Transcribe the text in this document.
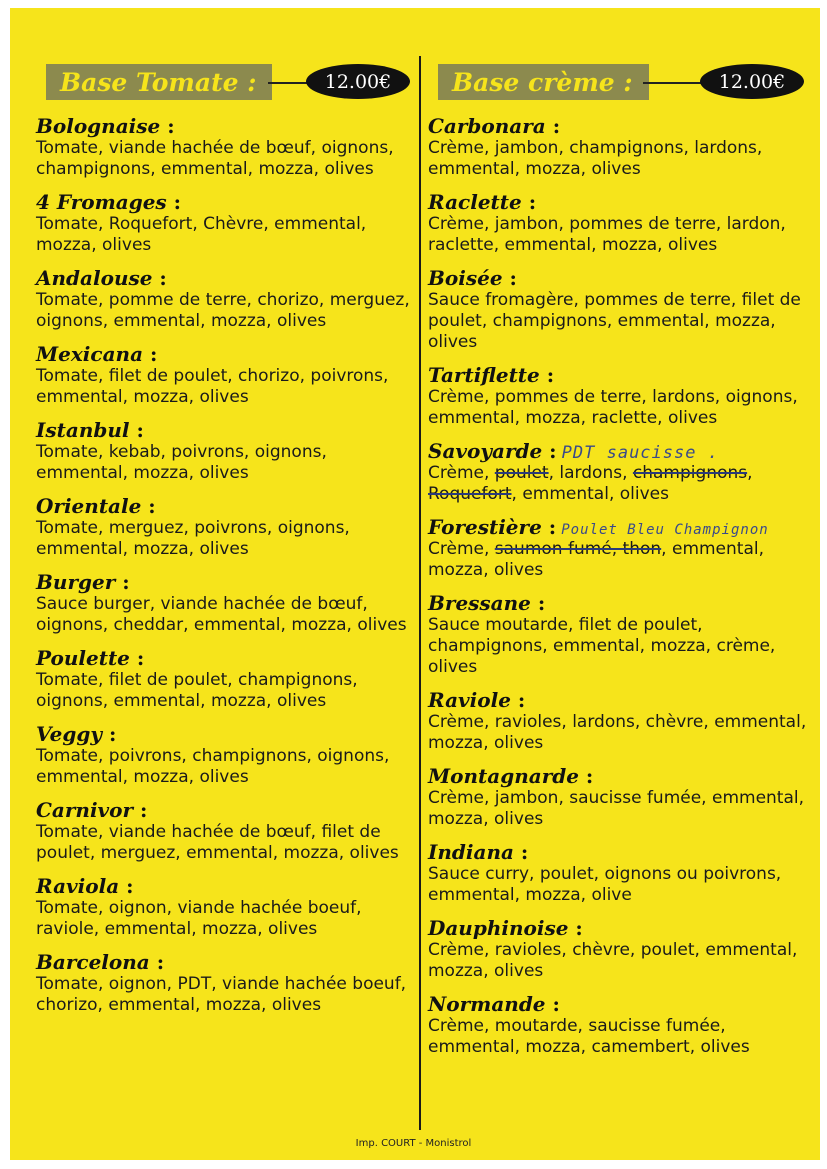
Base Tomate :	12.00€
Bolognaise :
Tomate, viande hachée de bœuf, oignons, champignons, emmental, mozza, olives
4 Fromages :
Tomate, Roquefort, Chèvre, emmental, mozza, olives
Andalouse :
Tomate, pomme de terre, chorizo, merguez, oignons, emmental, mozza, olives
Mexicana :
Tomate, filet de poulet, chorizo, poivrons, emmental, mozza, olives
Istanbul :
Tomate, kebab, poivrons, oignons, emmental, mozza, olives
Orientale :
Tomate, merguez, poivrons, oignons, emmental, mozza, olives
Burger :
Sauce burger, viande hachée de bœuf, oignons, cheddar, emmental, mozza, olives
Poulette :
Tomate, filet de poulet, champignons, oignons, emmental, mozza, olives
Veggy :
Tomate, poivrons, champignons, oignons, emmental, mozza, olives
Carnivor :
Tomate, viande hachée de bœuf, filet de poulet, merguez, emmental, mozza, olives
Raviola :
Tomate, oignon, viande hachée boeuf, raviole, emmental, mozza, olives
Barcelona :
Tomate, oignon, PDT, viande hachée boeuf, chorizo, emmental, mozza, olives
Base crème :	12.00€
Carbonara :
Crème, jambon, champignons, lardons, emmental, mozza, olives
Raclette :
Crème, jambon, pommes de terre, lardon, raclette, emmental, mozza, olives
Boisée :
Sauce fromagère, pommes de terre, filet de poulet, champignons, emmental, mozza, olives
Tartiflette :
Crème, pommes de terre, lardons, oignons, emmental, mozza, raclette, olives
Savoyarde : PDT saucisse .
Crème, poulet, lardons, champignons, Roquefort, emmental, olives
Forestière : Poulet Bleu Champignon
Crème, saumon fumé, thon, emmental, mozza, olives
Bressane :
Sauce moutarde, filet de poulet, champignons, emmental, mozza, crème, olives
Raviole :
Crème, ravioles, lardons, chèvre, emmental, mozza, olives
Montagnarde :
Crème, jambon, saucisse fumée, emmental, mozza, olives
Indiana :
Sauce curry, poulet, oignons ou poivrons, emmental, mozza, olive
Dauphinoise :
Crème, ravioles, chèvre, poulet, emmental, mozza, olives
Normande :
Crème, moutarde, saucisse fumée, emmental, mozza, camembert, olives
Imp. COURT - Monistrol
